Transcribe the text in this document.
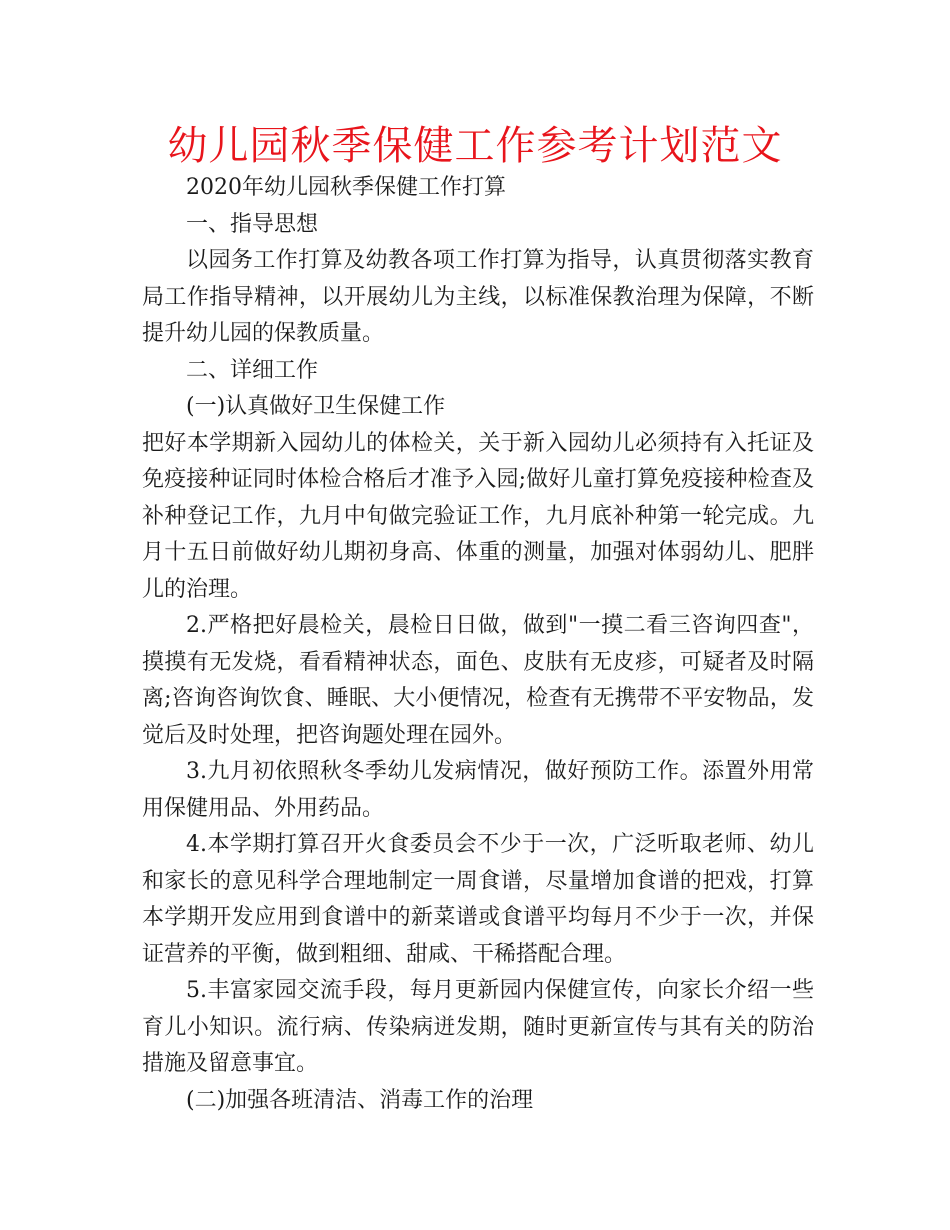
幼儿园秋季保健工作参考计划范文

2020年幼儿园秋季保健工作打算

一、指导思想

以园务工作打算及幼教各项工作打算为指导，认真贯彻落实教育局工作指导精神，以开展幼儿为主线，以标准保教治理为保障，不断提升幼儿园的保教质量。

二、详细工作

(一)认真做好卫生保健工作

把好本学期新入园幼儿的体检关，关于新入园幼儿必须持有入托证及免疫接种证同时体检合格后才准予入园;做好儿童打算免疫接种检查及补种登记工作，九月中旬做完验证工作，九月底补种第一轮完成。九月十五日前做好幼儿期初身高、体重的测量，加强对体弱幼儿、肥胖儿的治理。

2.严格把好晨检关，晨检日日做，做到"一摸二看三咨询四查"，摸摸有无发烧，看看精神状态，面色、皮肤有无皮疹，可疑者及时隔离;咨询咨询饮食、睡眠、大小便情况，检查有无携带不平安物品，发觉后及时处理，把咨询题处理在园外。

3.九月初依照秋冬季幼儿发病情况，做好预防工作。添置外用常用保健用品、外用药品。

4.本学期打算召开火食委员会不少于一次，广泛听取老师、幼儿和家长的意见科学合理地制定一周食谱，尽量增加食谱的把戏，打算本学期开发应用到食谱中的新菜谱或食谱平均每月不少于一次，并保证营养的平衡，做到粗细、甜咸、干稀搭配合理。

5.丰富家园交流手段，每月更新园内保健宣传，向家长介绍一些育儿小知识。流行病、传染病迸发期，随时更新宣传与其有关的防治措施及留意事宜。

(二)加强各班清洁、消毒工作的治理
